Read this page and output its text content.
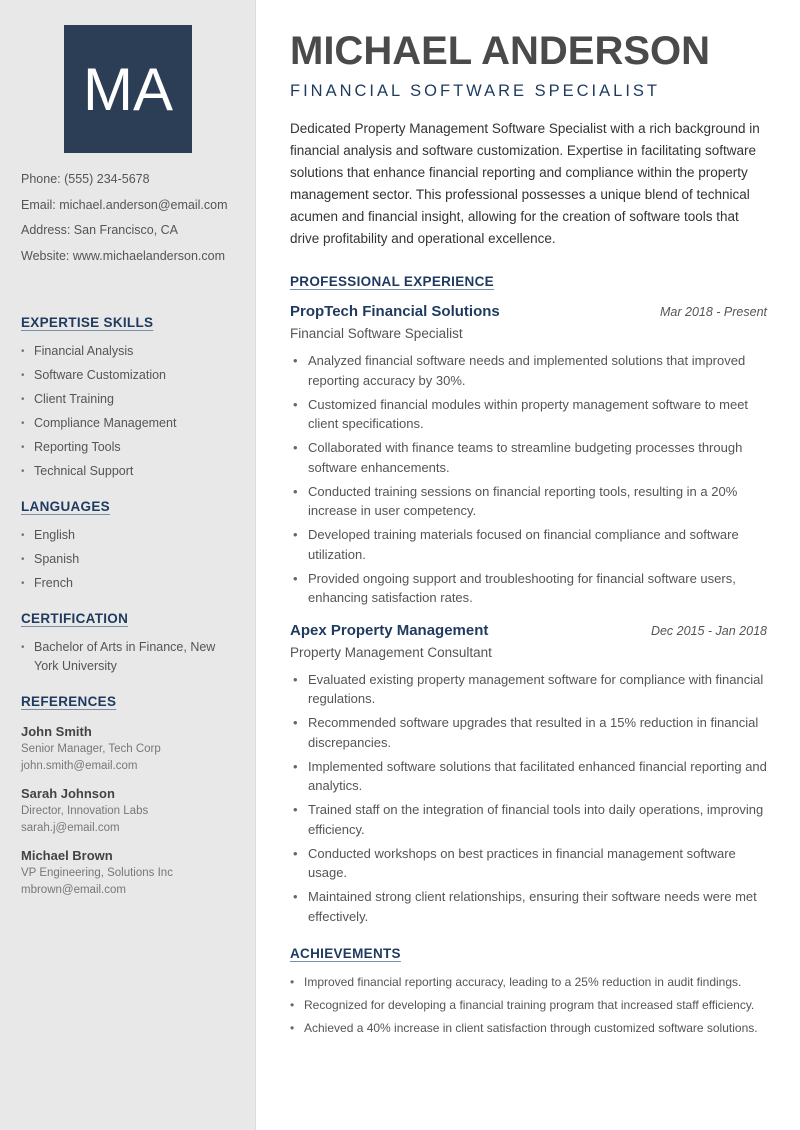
MA
Phone: (555) 234-5678
Email: michael.anderson@email.com
Address: San Francisco, CA
Website: www.michaelanderson.com
EXPERTISE SKILLS
• Financial Analysis
• Software Customization
• Client Training
• Compliance Management
• Reporting Tools
• Technical Support
LANGUAGES
• English
• Spanish
• French
CERTIFICATION
• Bachelor of Arts in Finance, New York University
REFERENCES
John Smith
Senior Manager, Tech Corp
john.smith@email.com
Sarah Johnson
Director, Innovation Labs
sarah.j@email.com
Michael Brown
VP Engineering, Solutions Inc
mbrown@email.com
MICHAEL ANDERSON
FINANCIAL SOFTWARE SPECIALIST

Dedicated Property Management Software Specialist with a rich background in financial analysis and software customization. Expertise in facilitating software solutions that enhance financial reporting and compliance within the property management sector. This professional possesses a unique blend of technical acumen and financial insight, allowing for the creation of software tools that drive profitability and operational excellence.

PROFESSIONAL EXPERIENCE
PropTech Financial Solutions	Mar 2018 - Present
Financial Software Specialist
• Analyzed financial software needs and implemented solutions that improved reporting accuracy by 30%.
• Customized financial modules within property management software to meet client specifications.
• Collaborated with finance teams to streamline budgeting processes through software enhancements.
• Conducted training sessions on financial reporting tools, resulting in a 20% increase in user competency.
• Developed training materials focused on financial compliance and software utilization.
• Provided ongoing support and troubleshooting for financial software users, enhancing satisfaction rates.
Apex Property Management	Dec 2015 - Jan 2018
Property Management Consultant
• Evaluated existing property management software for compliance with financial regulations.
• Recommended software upgrades that resulted in a 15% reduction in financial discrepancies.
• Implemented software solutions that facilitated enhanced financial reporting and analytics.
• Trained staff on the integration of financial tools into daily operations, improving efficiency.
• Conducted workshops on best practices in financial management software usage.
• Maintained strong client relationships, ensuring their software needs were met effectively.
ACHIEVEMENTS
• Improved financial reporting accuracy, leading to a 25% reduction in audit findings.
• Recognized for developing a financial training program that increased staff efficiency.
• Achieved a 40% increase in client satisfaction through customized software solutions.
